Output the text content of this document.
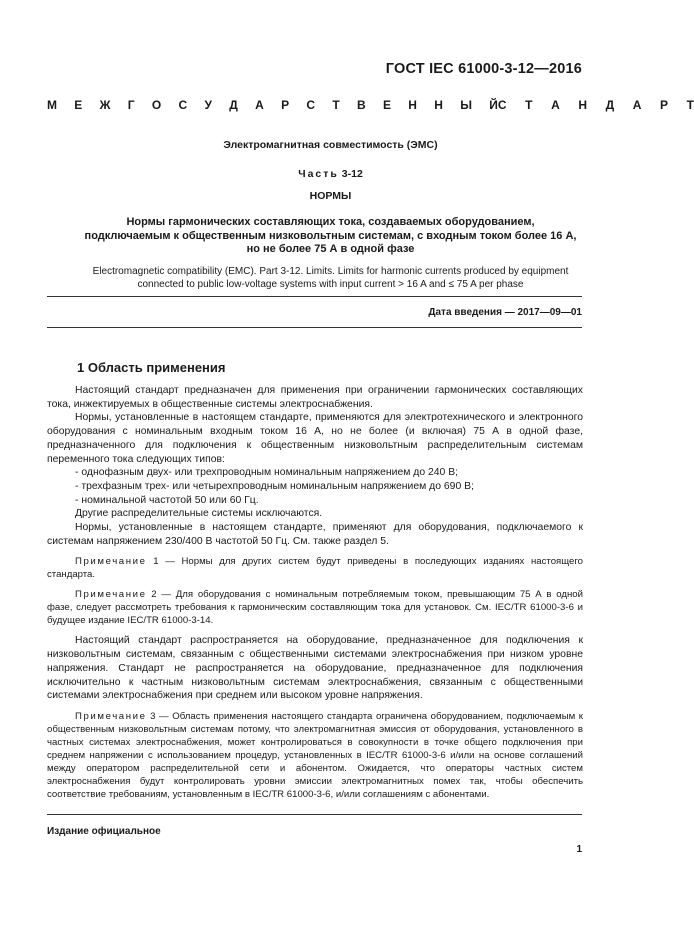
ГОСТ IEC 61000-3-12—2016
М Е Ж Г О С У Д А Р С Т В Е Н Н Ы Й С Т А Н Д А Р Т
Электромагнитная совместимость (ЭМС)
Часть 3-12
НОРМЫ
Нормы гармонических составляющих тока, создаваемых оборудованием,
подключаемым к общественным низковольтным системам, с входным током более 16 А,
но не более 75 А в одной фазе
Electromagnetic compatibility (EMC). Part 3-12. Limits. Limits for harmonic currents produced by equipment
connected to public low-voltage systems with input current > 16 A and ≤ 75 A per phase
Дата введения — 2017—09—01
1 Область применения

Настоящий стандарт предназначен для применения при ограничении гармонических составляющих тока, инжектируемых в общественные системы электроснабжения.

Нормы, установленные в настоящем стандарте, применяются для электротехнического и электронного оборудования с номинальным входным током 16 А, но не более (и включая) 75 А в одной фазе, предназначенного для подключения к общественным низковольтным распределительным системам переменного тока следующих типов:

- однофазным двух- или трехпроводным номинальным напряжением до 240 В;

- трехфазным трех- или четырехпроводным номинальным напряжением до 690 В;

- номинальной частотой 50 или 60 Гц.

Другие распределительные системы исключаются.

Нормы, установленные в настоящем стандарте, применяют для оборудования, подключаемого к системам напряжением 230/400 В частотой 50 Гц. См. также раздел 5.

Примечание 1 — Нормы для других систем будут приведены в последующих изданиях настоящего стандарта.

Примечание 2 — Для оборудования с номинальным потребляемым током, превышающим 75 А в одной фазе, следует рассмотреть требования к гармоническим составляющим тока для установок. См. IEC/TR 61000-3-6 и будущее издание IEC/TR 61000-3-14.

Настоящий стандарт распространяется на оборудование, предназначенное для подключения к низковольтным системам, связанным с общественными системами электроснабжения при низком уровне напряжения. Стандарт не распространяется на оборудование, предназначенное для подключения исключительно к частным низковольтным системам электроснабжения, связанным с общественными системами электроснабжения при среднем или высоком уровне напряжения.

Примечание 3 — Область применения настоящего стандарта ограничена оборудованием, подключаемым к общественным низковольтным системам потому, что электромагнитная эмиссия от оборудования, установленного в частных системах электроснабжения, может контролироваться в совокупности в точке общего подключения при среднем напряжении с использованием процедур, установленных в IEC/TR 61000-3-6 и/или на основе соглашений между оператором распределительной сети и абонентом. Ожидается, что операторы частных систем электроснабжения будут контролировать уровни эмиссии электромагнитных помех так, чтобы обеспечить соответствие требованиям, установленным в IEC/TR 61000-3-6, и/или соглашениям с абонентами.

Издание официальное
1
